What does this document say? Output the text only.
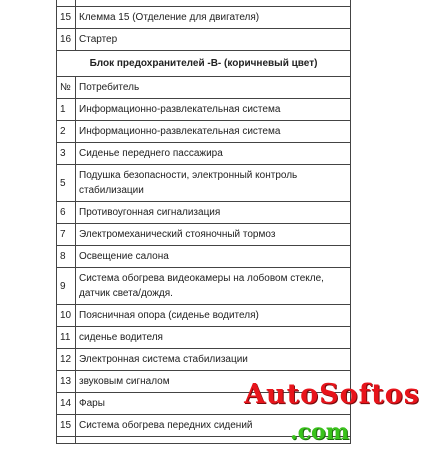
15	Клемма 15 (Отделение для двигателя)
16	Стартер
Блок предохранителей -B- (коричневый цвет)	
№	Потребитель
1	Информационно-развлекательная система
2	Информационно-развлекательная система
3	Сиденье переднего пассажира
5	Подушка безопасности, электронный контроль стабилизации
6	Противоугонная сигнализация
7	Электромеханический стояночный тормоз
8	Освещение салона
9	Система обогрева видеокамеры на лобовом стекле, датчик света/дождя.
10	Поясничная опора (сиденье водителя)
11	сиденье водителя
12	Электронная система стабилизации
13	звуковым сигналом
14	Фары
15	Система обогрева передних сидений

AutoSoftos
.com
